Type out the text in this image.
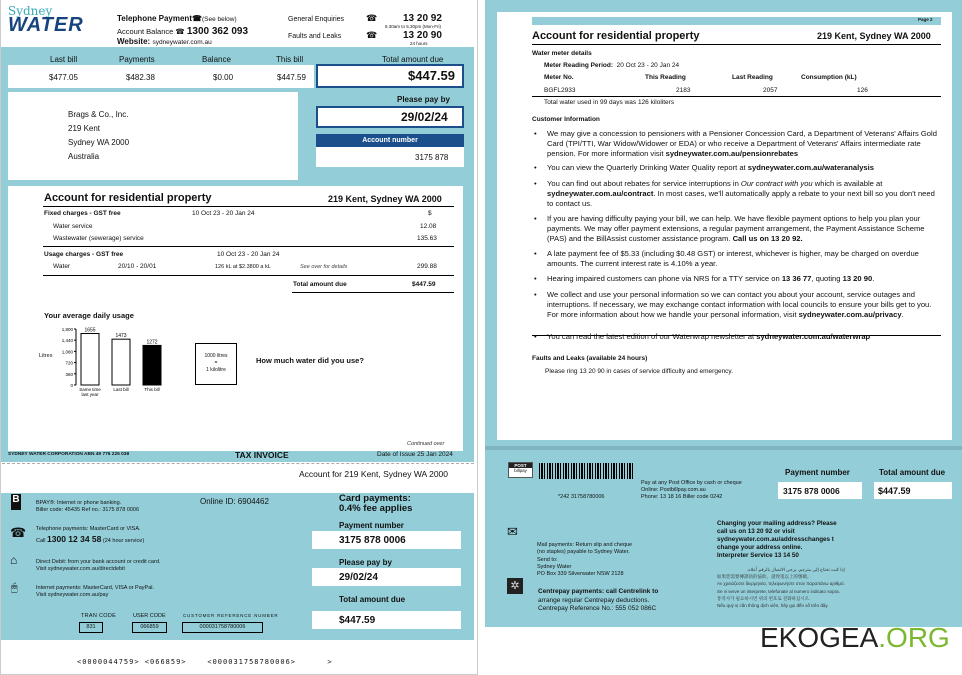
Sydney
WATER	Telephone Payment☎(See below)
Account Balance ☎ 1300 362 093
Website: sydneywater.com.au
General Enquiries
Faults and Leaks
☎
☎
13 20 92
8.30am to 5.30pm (Mon-Fri)
13 20 90
24 hours
Last bill	Payments	Balance	This bill	Total amount due
$477.05	$482.38	$0.00	$447.59	$447.59
Brags & Co., Inc.
219 Kent
Sydney WA 2000
Australia
Please pay by
29/02/24
Account number
3175 878
Account for residential property	219 Kent, Sydney WA 2000
Fixed charges - GST free	10 Oct 23 - 20 Jan 24	$
Water service	12.08
Wastewater (sewerage) service	135.63
Usage charges - GST free	10 Oct 23 - 20 Jan 24
Water	20/10 - 20/01	126 kL at $2.3800 a kL	See over for details	299.88
Total amount due	$447.59
Your average daily usage
Litres
1,800
1,440
1,080
720
360
0
1655
Same time
last year
1473
Last bill
1272
This bill
1000 litres
=
1 kilolitre
How much water did you use?
Continued over
SYDNEY WATER CORPORATION ABN 49 776 225 038	TAX INVOICE	Date of Issue 25 Jan 2024
Account for 219 Kent, Sydney WA 2000
B	BPAY®: Internet or phone banking.
Biller code: 45435 Ref no.: 3175 878 0006
Online ID: 6904462
☎ Telephone payments: MasterCard or VISA.
Call 1300 12 34 58 (24 hour service)
⌂	Direct Debit: from your bank account or credit card.
Visit sydneywater.com.au/directdebit
🖱	Internet payments: MasterCard, VISA or PayPal.
Visit sydneywater.com.au/pay
Card payments:
0.4% fee applies
Payment number
3175 878 0006
Please pay by
29/02/24
Total amount due
$447.59
TRAN CODE
831
USER CODE
066859
CUSTOMER REFERENCE NUMBER
000031758780006
<0000044759> <066859>	<000031758780006>	>
Page 2
Account for residential property	219 Kent, Sydney WA 2000
Water meter details
Meter Reading Period: 20 Oct 23 - 20 Jan 24
Meter No.	This Reading	Last Reading	Consumption (kL)
BGFL2933	2183	2057	126
Total water used in 99 days was 126 kiloliters
Customer Information
• We may give a concession to pensioners with a Pensioner Concession Card, a Department of Veterans' Affairs Gold Card (TPI/TTI, War Widow/Widower or EDA) or who receive a Department of Veterans' Affairs intermediate rate pension. For more information visit sydneywater.com.au/pensionrebates
• You can view the Quarterly Drinking Water Quality report at sydneywater.com.au/wateranalysis
• You can find out about rebates for service interruptions in Our contract with you which is available at sydneywater.com.au/contract. In most cases, we'll automatically apply a rebate to your next bill so you don't need to contact us.
• If you are having difficulty paying your bill, we can help. We have flexible payment options to help you plan your payments. We may offer payment extensions, a regular payment arrangement, the Payment Assistance Scheme (PAS) and the BillAssist customer assistance program. Call us on 13 20 92.
• A late payment fee of $5.33 (including $0.48 GST) or interest, whichever is higher, may be charged on overdue amounts. The current interest rate is 4.10% a year.
• Hearing impaired customers can phone via NRS for a TTY service on 13 36 77, quoting 13 20 90.
• We collect and use your personal information so we can contact you about your account, service outages and interruptions. If necessary, we may exchange contact information with local councils to ensure your bills get to you. For more information about how we handle your personal information, visit sydneywater.com.au/privacy.
• You can read the latest edition of our Waterwrap newsletter at sydneywater.com.au/waterwrap
Faults and Leaks (available 24 hours)
Please ring 13 20 90 in cases of service difficulty and emergency.
POST
billpay
*242 31758780006
Pay at any Post Office by cash or cheque
Online: Postbillpay.com.au
Phone: 13 18 16 Biller code 0242
Payment number
3175 878 0006
Total amount due
$447.59
✉
Mail payments: Return slip and cheque
(no staples) payable to Sydney Water.
Send to:
Sydney Water
PO Box 339 Silverwater NSW 2128
✲	Centrepay payments: call Centrelink to
arrange regular Centrepay deductions.
Centrepay Reference No.: 555 052 086C
Changing your mailing address? Please
call us on 13 20 92 or visit
sydneywater.com.au/addresschanges t
change your address online.
Interpreter Service 13 14 50
إذا كنت تحتاج إلى مترجم، يرجى الاتصال بالرقم أعلاه.
如果您需要傳譯員的協助，請致電以上的號碼。
Αν χρειάζεστε διερμηνέα, τηλεφωνήστε στον παραπάνω αριθμό.
Se vi serve un interprete, telefonate al numero indicato sopra.
통역사가 필요하시면 위의 번호로 전화하십시오.
Nếu quý vị cần thông dịch viên, hãy gọi đến số trên đây.
EKOGEA.ORG
